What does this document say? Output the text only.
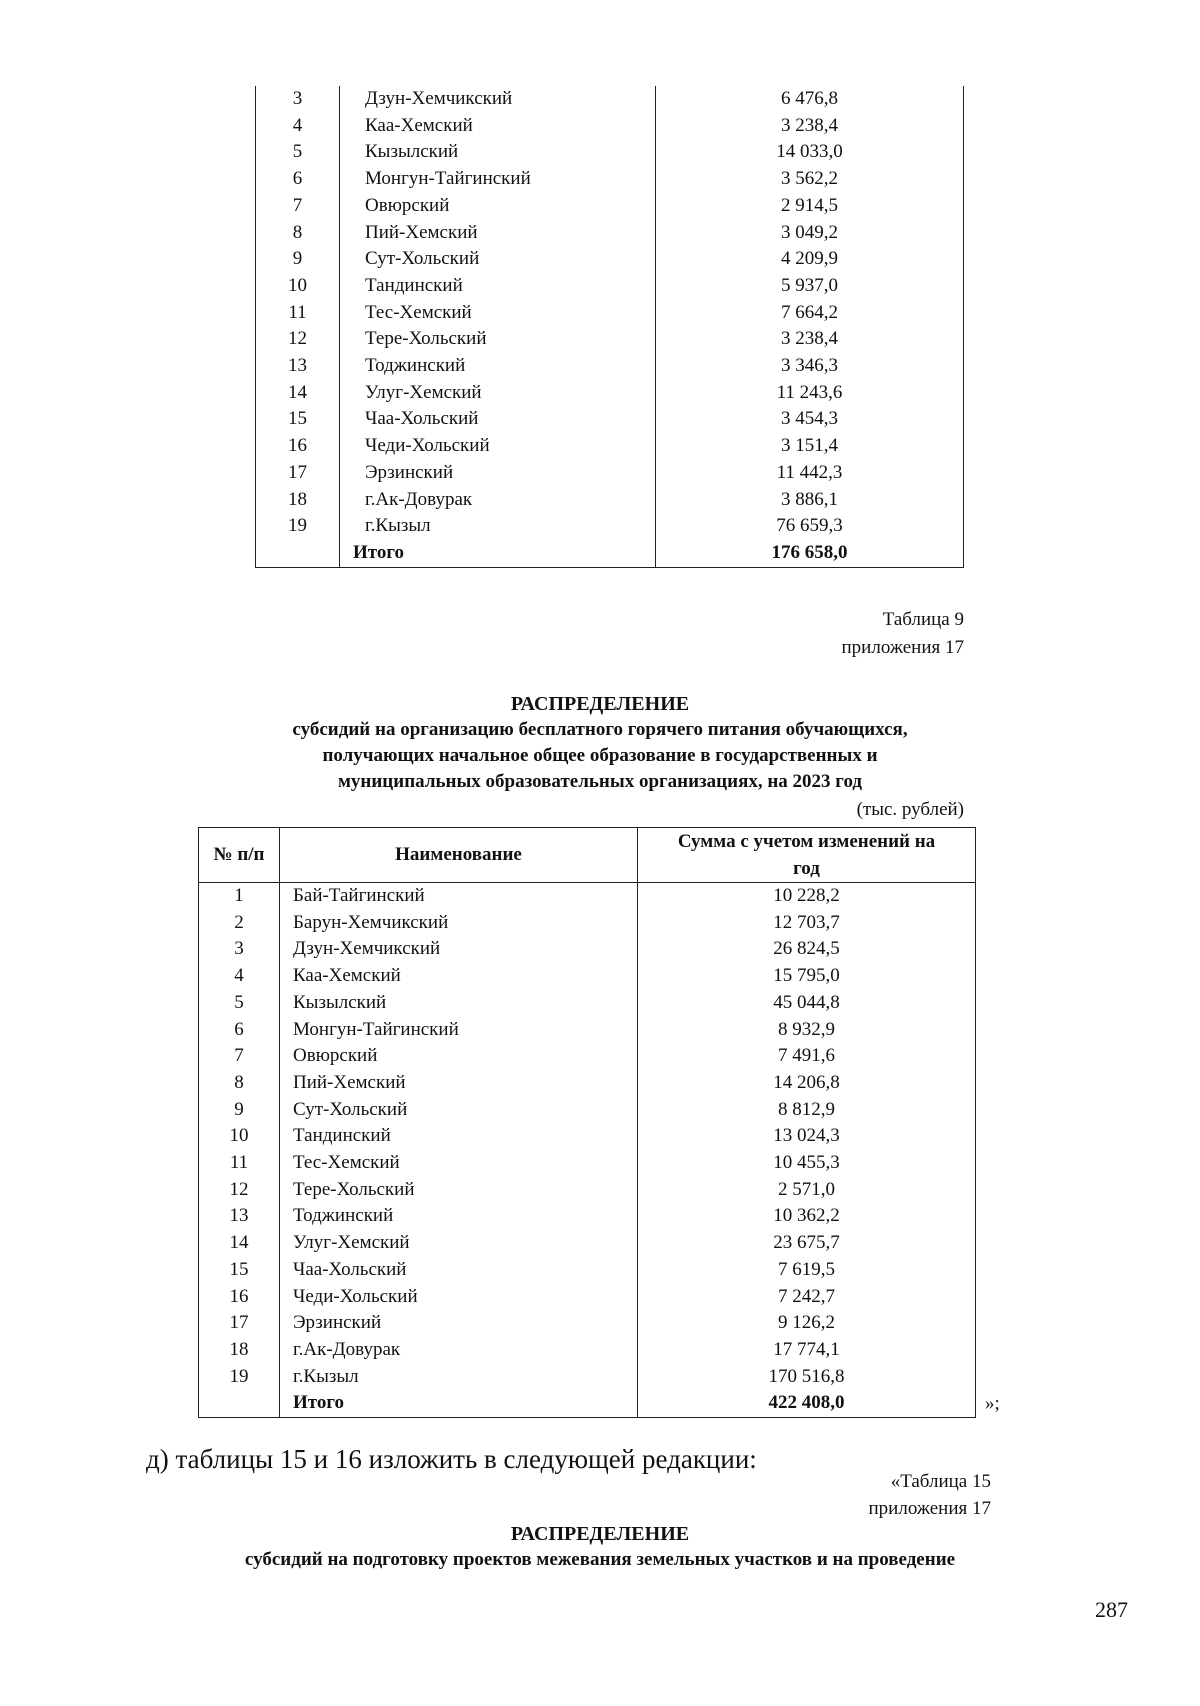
3	Дзун-Хемчикский	6 476,8
4	Каа-Хемский	3 238,4
5	Кызылский	14 033,0
6	Монгун-Тайгинский	3 562,2
7	Овюрский	2 914,5
8	Пий-Хемский	3 049,2
9	Сут-Хольский	4 209,9
10	Тандинский	5 937,0
11	Тес-Хемский	7 664,2
12	Тере-Хольский	3 238,4
13	Тоджинский	3 346,3
14	Улуг-Хемский	11 243,6
15	Чаа-Хольский	3 454,3
16	Чеди-Хольский	3 151,4
17	Эрзинский	11 442,3
18	г.Ак-Довурак	3 886,1
19	г.Кызыл	76 659,3
	Итого	176 658,0
Таблица 9
приложения 17
РАСПРЕДЕЛЕНИЕ
субсидий на организацию бесплатного горячего питания обучающихся,
получающих начальное общее образование в государственных и
муниципальных образовательных организациях, на 2023 год
(тыс. рублей)
№ п/п	Наименование	Сумма с учетом изменений на
год

1	Бай-Тайгинский	10 228,2
2	Барун-Хемчикский	12 703,7
3	Дзун-Хемчикский	26 824,5
4	Каа-Хемский	15 795,0
5	Кызылский	45 044,8
6	Монгун-Тайгинский	8 932,9
7	Овюрский	7 491,6
8	Пий-Хемский	14 206,8
9	Сут-Хольский	8 812,9
10	Тандинский	13 024,3
11	Тес-Хемский	10 455,3
12	Тере-Хольский	2 571,0
13	Тоджинский	10 362,2
14	Улуг-Хемский	23 675,7
15	Чаа-Хольский	7 619,5
16	Чеди-Хольский	7 242,7
17	Эрзинский	9 126,2
18	г.Ак-Довурак	17 774,1
19	г.Кызыл	170 516,8
	Итого	422 408,0	»;
д) таблицы 15 и 16 изложить в следующей редакции:
«Таблица 15
приложения 17
РАСПРЕДЕЛЕНИЕ
субсидий на подготовку проектов межевания земельных участков и на проведение
287
